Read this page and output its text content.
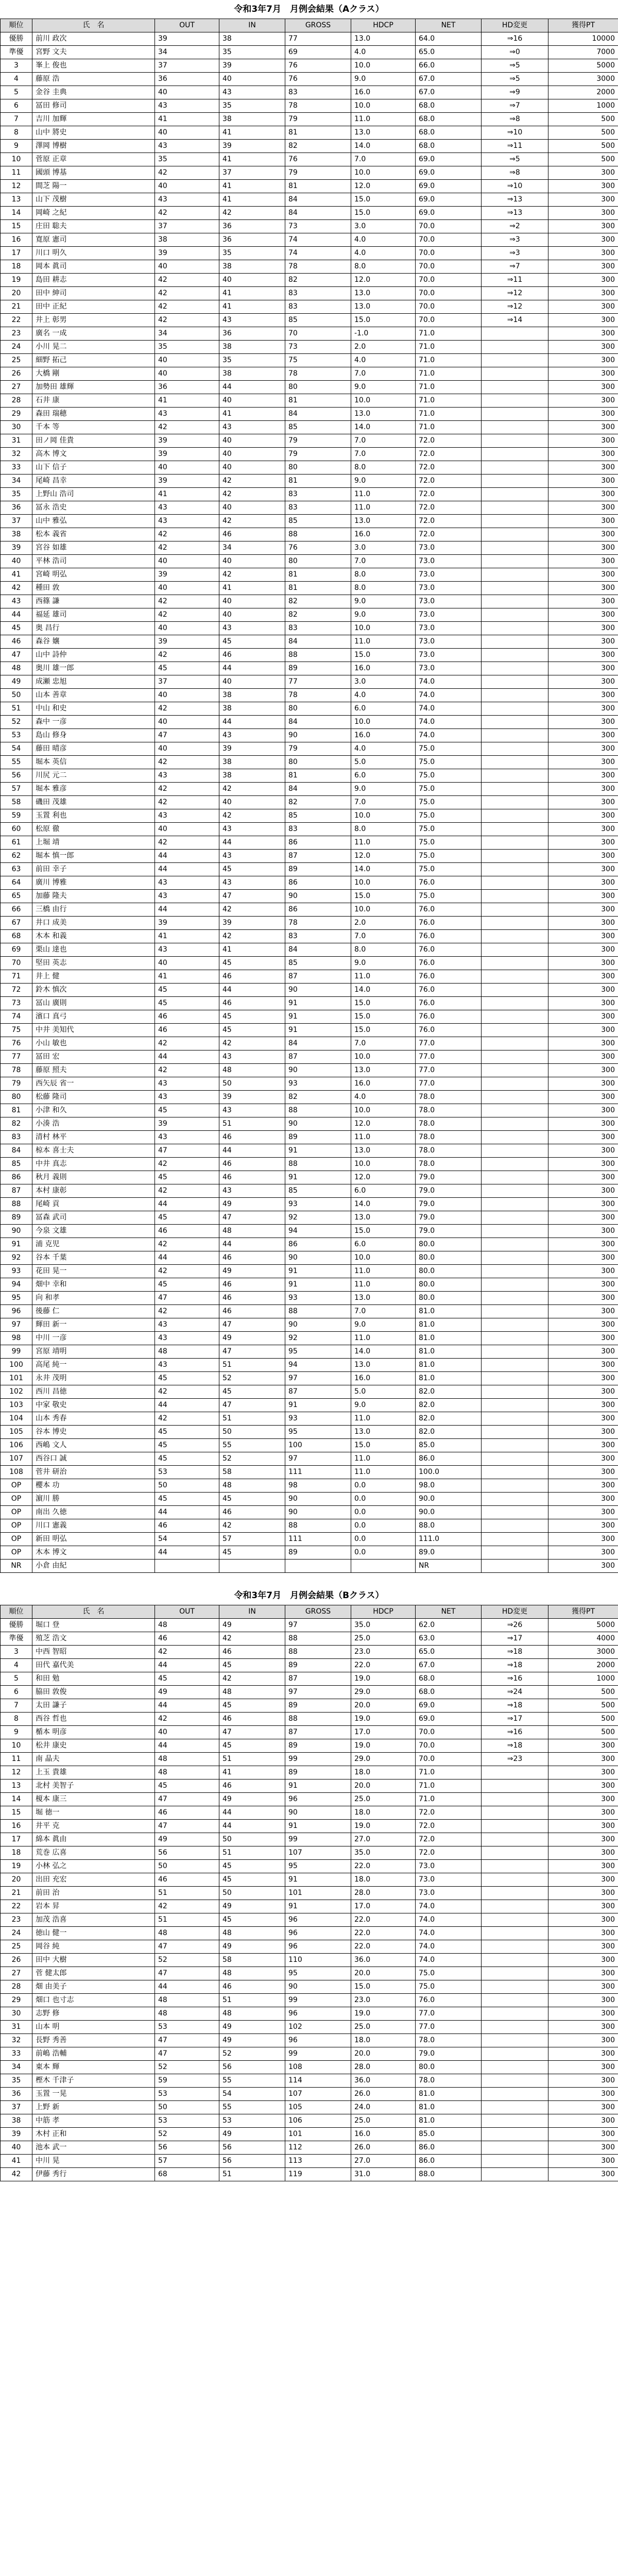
令和3年7月　月例会結果（Aクラス）
順位	氏　名	OUT	IN	GROSS	HDCP	NET	HD変更	獲得PT
優勝	前川 政次	39	38	77	13.0	64.0	⇒16	10000
準優	宮野 文夫	34	35	69	4.0	65.0	⇒0	7000
3	峯上 俊也	37	39	76	10.0	66.0	⇒5	5000
4	藤原 浩	36	40	76	9.0	67.0	⇒5	3000
5	金谷 圭典	40	43	83	16.0	67.0	⇒9	2000
6	冨田 修司	43	35	78	10.0	68.0	⇒7	1000
7	吉川 加輝	41	38	79	11.0	68.0	⇒8	500
8	山中 將史	40	41	81	13.0	68.0	⇒10	500
9	澤岡 博樹	43	39	82	14.0	68.0	⇒11	500
10	菅原 正章	35	41	76	7.0	69.0	⇒5	500
11	國頭 博基	42	37	79	10.0	69.0	⇒8	300
12	間芝 陽一	40	41	81	12.0	69.0	⇒10	300
13	山下 茂樹	43	41	84	15.0	69.0	⇒13	300
14	岡崎 之紀	42	42	84	15.0	69.0	⇒13	300
15	庄田 聡夫	37	36	73	3.0	70.0	⇒2	300
16	寛原 憲司	38	36	74	4.0	70.0	⇒3	300
17	川口 明久	39	35	74	4.0	70.0	⇒3	300
18	岡本 眞司	40	38	78	8.0	70.0	⇒7	300
19	島田 耕志	42	40	82	12.0	70.0	⇒11	300
20	田中 紳司	42	41	83	13.0	70.0	⇒12	300
21	田中 正紀	42	41	83	13.0	70.0	⇒12	300
22	井上 彰男	42	43	85	15.0	70.0	⇒14	300
23	廣名 一成	34	36	70	-1.0	71.0		300
24	小川 晃二	35	38	73	2.0	71.0		300
25	細野 拓己	40	35	75	4.0	71.0		300
26	大橋 剛	40	38	78	7.0	71.0		300
27	加勢田 雄輝	36	44	80	9.0	71.0		300
28	石井 康	41	40	81	10.0	71.0		300
29	森田 瑞穂	43	41	84	13.0	71.0		300
30	千本 等	42	43	85	14.0	71.0		300
31	田ノ岡 佳貴	39	40	79	7.0	72.0		300
32	高木 博文	39	40	79	7.0	72.0		300
33	山下 信子	40	40	80	8.0	72.0		300
34	尾崎 昌幸	39	42	81	9.0	72.0		300
35	上野山 浩司	41	42	83	11.0	72.0		300
36	冨永 浩史	43	40	83	11.0	72.0		300
37	山中 雅弘	43	42	85	13.0	72.0		300
38	松本 義省	42	46	88	16.0	72.0		300
39	宮谷 如雄	42	34	76	3.0	73.0		300
40	平林 浩司	40	40	80	7.0	73.0		300
41	宮崎 明弘	39	42	81	8.0	73.0		300
42	種田 敦	40	41	81	8.0	73.0		300
43	西篠 謙	42	40	82	9.0	73.0		300
44	福延 雄司	42	40	82	9.0	73.0		300
45	奥 昌行	40	43	83	10.0	73.0		300
46	森谷 孃	39	45	84	11.0	73.0		300
47	山中 詩仲	42	46	88	15.0	73.0		300
48	奥川 雄一郎	45	44	89	16.0	73.0		300
49	成瀬 忠旭	37	40	77	3.0	74.0		300
50	山本 善章	40	38	78	4.0	74.0		300
51	中山 和史	42	38	80	6.0	74.0		300
52	森中 一彦	40	44	84	10.0	74.0		300
53	島山 修身	47	43	90	16.0	74.0		300
54	藤田 晴彦	40	39	79	4.0	75.0		300
55	堀本 英信	42	38	80	5.0	75.0		300
56	川尻 元二	43	38	81	6.0	75.0		300
57	堀本 雅彦	42	42	84	9.0	75.0		300
58	磯田 茂雄	42	40	82	7.0	75.0		300
59	玉置 利也	43	42	85	10.0	75.0		300
60	松原 徹	40	43	83	8.0	75.0		300
61	上堀 靖	42	44	86	11.0	75.0		300
62	堀本 慎一郎	44	43	87	12.0	75.0		300
63	前田 幸子	44	45	89	14.0	75.0		300
64	廣川 博雅	43	43	86	10.0	76.0		300
65	加藤 隆夫	43	47	90	15.0	75.0		300
66	三橋 由行	44	42	86	10.0	76.0		300
67	井口 成美	39	39	78	2.0	76.0		300
68	木本 和義	41	42	83	7.0	76.0		300
69	栗山 達也	43	41	84	8.0	76.0		300
70	堅田 英志	40	45	85	9.0	76.0		300
71	井上 健	41	46	87	11.0	76.0		300
72	鈴木 慎次	45	44	90	14.0	76.0		300
73	冨山 廣則	45	46	91	15.0	76.0		300
74	濱口 真弓	46	45	91	15.0	76.0		300
75	中井 美知代	46	45	91	15.0	76.0		300
76	小山 敏也	42	42	84	7.0	77.0		300
77	冨田 宏	44	43	87	10.0	77.0		300
78	藤原 照夫	42	48	90	13.0	77.0		300
79	西矢辰 省一	43	50	93	16.0	77.0		300
80	松藤 隆司	43	39	82	4.0	78.0		300
81	小津 和久	45	43	88	10.0	78.0		300
82	小湊 浩	39	51	90	12.0	78.0		300
83	清村 林平	43	46	89	11.0	78.0		300
84	椋本 喜士夫	47	44	91	13.0	78.0		300
85	中井 真志	42	46	88	10.0	78.0		300
86	秋月 義則	45	46	91	12.0	79.0		300
87	本村 康彰	42	43	85	6.0	79.0		300
88	尾崎 貢	44	49	93	14.0	79.0		300
89	冨森 武司	45	47	92	13.0	79.0		300
90	今泉 文雄	46	48	94	15.0	79.0		300
91	浦 克児	42	44	86	6.0	80.0		300
92	谷本 千葉	44	46	90	10.0	80.0		300
93	花田 晃一	42	49	91	11.0	80.0		300
94	畑中 幸和	45	46	91	11.0	80.0		300
95	向 和孝	47	46	93	13.0	80.0		300
96	後藤 仁	42	46	88	7.0	81.0		300
97	輝田 新一	43	47	90	9.0	81.0		300
98	中川 一彦	43	49	92	11.0	81.0		300
99	宮原 靖明	48	47	95	14.0	81.0		300
100	高尾 純一	43	51	94	13.0	81.0		300
101	永井 茂明	45	52	97	16.0	81.0		300
102	西川 昌徳	42	45	87	5.0	82.0		300
103	中家 敬史	44	47	91	9.0	82.0		300
104	山本 秀春	42	51	93	11.0	82.0		300
105	谷本 博史	45	50	95	13.0	82.0		300
106	西嶋 文人	45	55	100	15.0	85.0		300
107	西谷口 誠	45	52	97	11.0	86.0		300
108	菅井 研治	53	58	111	11.0	100.0		300
OP	櫻本 功	50	48	98	0.0	98.0		300
OP	濵川 勝	45	45	90	0.0	90.0		300
OP	南出 久徳	44	46	90	0.0	90.0		300
OP	川口 憲義	46	42	88	0.0	88.0		300
OP	新田 明弘	54	57	111	0.0	111.0		300
OP	木本 博文	44	45	89	0.0	89.0		300
NR	小倉 由紀					NR		300
令和3年7月　月例会結果（Bクラス）
順位	氏　名	OUT	IN	GROSS	HDCP	NET	HD変更	獲得PT
優勝	堀口 登	48	49	97	35.0	62.0	⇒26	5000
準優	殖芝 浩文	46	42	88	25.0	63.0	⇒17	4000
3	中西 智昭	42	46	88	23.0	65.0	⇒18	3000
4	田代 嘉代美	44	45	89	22.0	67.0	⇒18	2000
5	和田 勉	45	42	87	19.0	68.0	⇒16	1000
6	脇田 敦俊	49	48	97	29.0	68.0	⇒24	500
7	太田 謙子	44	45	89	20.0	69.0	⇒18	500
8	西谷 哲也	42	46	88	19.0	69.0	⇒17	500
9	楯本 明彦	40	47	87	17.0	70.0	⇒16	500
10	松井 康史	44	45	89	19.0	70.0	⇒18	300
11	南 晶夫	48	51	99	29.0	70.0	⇒23	300
12	上玉 貴雄	48	41	89	18.0	71.0		300
13	北村 美智子	45	46	91	20.0	71.0		300
14	榎本 康三	47	49	96	25.0	71.0		300
15	堀 徳一	46	44	90	18.0	72.0		300
16	井平 克	47	44	91	19.0	72.0		300
17	綿本 眞由	49	50	99	27.0	72.0		300
18	荒巻 広喜	56	51	107	35.0	72.0		300
19	小林 弘之	50	45	95	22.0	73.0		300
20	出田 充宏	46	45	91	18.0	73.0		300
21	前田 治	51	50	101	28.0	73.0		300
22	岩本 昇	42	49	91	17.0	74.0		300
23	加茂 浩喜	51	45	96	22.0	74.0		300
24	徳山 健一	48	48	96	22.0	74.0		300
25	岡谷 純	47	49	96	22.0	74.0		300
26	田中 大樹	52	58	110	36.0	74.0		300
27	菅 健太郎	47	48	95	20.0	75.0		300
28	畑 由美子	44	46	90	15.0	75.0		300
29	畑口 也寸志	48	51	99	23.0	76.0		300
30	志野 修	48	48	96	19.0	77.0		300
31	山本 明	53	49	102	25.0	77.0		300
32	長野 秀善	47	49	96	18.0	78.0		300
33	前嶋 浩輔	47	52	99	20.0	79.0		300
34	東本 輝	52	56	108	28.0	80.0		300
35	樫木 千津子	59	55	114	36.0	78.0		300
36	玉置 一晃	53	54	107	26.0	81.0		300
37	上野 新	50	55	105	24.0	81.0		300
38	中筋 孝	53	53	106	25.0	81.0		300
39	木村 正和	52	49	101	16.0	85.0		300
40	池本 武一	56	56	112	26.0	86.0		300
41	中川 晃	57	56	113	27.0	86.0		300
42	伊藤 秀行	68	51	119	31.0	88.0		300
